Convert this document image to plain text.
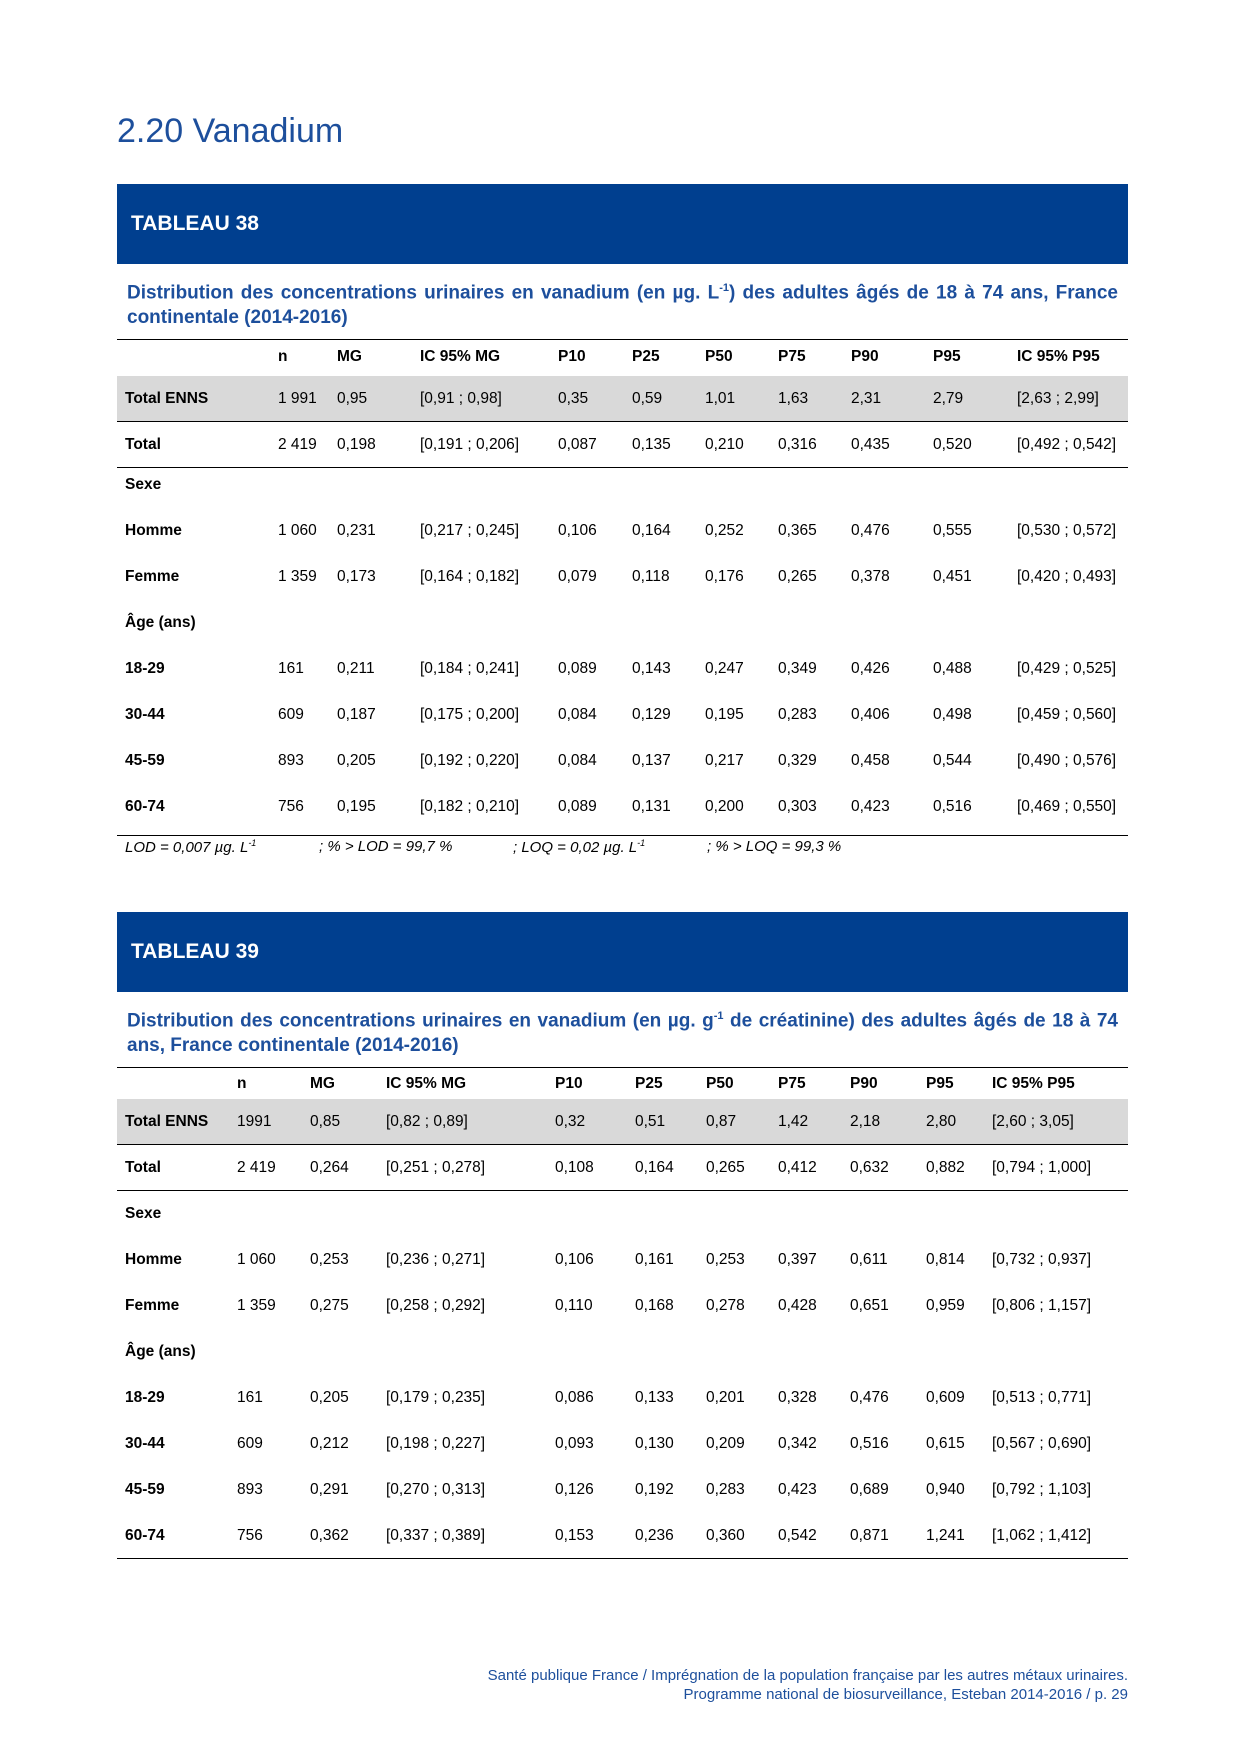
2.20 Vanadium
TABLEAU 38
Distribution des concentrations urinaires en vanadium (en µg. $L^{-1}$) des adultes âgés de 18 à 74 ans, France continentale (2014-2016)
	n	MG	IC 95% MG	P10	P25	P50	P75	P90	P95	IC 95% P95
Total ENNS	1 991	0,95	[0,91 ; 0,98]	0,35	0,59	1,01	1,63	2,31	2,79	[2,63 ; 2,99]
Total	2 419	0,198	[0,191 ; 0,206]	0,087	0,135	0,210	0,316	0,435	0,520	[0,492 ; 0,542]
Sexe										
Homme	1 060	0,231	[0,217 ; 0,245]	0,106	0,164	0,252	0,365	0,476	0,555	[0,530 ; 0,572]
Femme	1 359	0,173	[0,164 ; 0,182]	0,079	0,118	0,176	0,265	0,378	0,451	[0,420 ; 0,493]
Âge (ans)										
18-29	161	0,211	[0,184 ; 0,241]	0,089	0,143	0,247	0,349	0,426	0,488	[0,429 ; 0,525]
30-44	609	0,187	[0,175 ; 0,200]	0,084	0,129	0,195	0,283	0,406	0,498	[0,459 ; 0,560]
45-59	893	0,205	[0,192 ; 0,220]	0,084	0,137	0,217	0,329	0,458	0,544	[0,490 ; 0,576]
60-74	756	0,195	[0,182 ; 0,210]	0,089	0,131	0,200	0,303	0,423	0,516	[0,469 ; 0,550]
LOD = 0,007 µg. $L^{-1}$	; % > LOD = 99,7 %	; LOQ = 0,02 µg. $L^{-1}$	; % > LOQ = 99,3 %
TABLEAU 39
Distribution des concentrations urinaires en vanadium (en µg. $g^{-1}$ de créatinine) des adultes âgés de 18 à 74 ans, France continentale (2014-2016)
	n	MG	IC 95% MG	P10	P25	P50	P75	P90	P95	IC 95% P95
Total ENNS	1991	0,85	[0,82 ; 0,89]	0,32	0,51	0,87	1,42	2,18	2,80	[2,60 ; 3,05]
Total	2 419	0,264	[0,251 ; 0,278]	0,108	0,164	0,265	0,412	0,632	0,882	[0,794 ; 1,000]
Sexe										
Homme	1 060	0,253	[0,236 ; 0,271]	0,106	0,161	0,253	0,397	0,611	0,814	[0,732 ; 0,937]
Femme	1 359	0,275	[0,258 ; 0,292]	0,110	0,168	0,278	0,428	0,651	0,959	[0,806 ; 1,157]
Âge (ans)										
18-29	161	0,205	[0,179 ; 0,235]	0,086	0,133	0,201	0,328	0,476	0,609	[0,513 ; 0,771]
30-44	609	0,212	[0,198 ; 0,227]	0,093	0,130	0,209	0,342	0,516	0,615	[0,567 ; 0,690]
45-59	893	0,291	[0,270 ; 0,313]	0,126	0,192	0,283	0,423	0,689	0,940	[0,792 ; 1,103]
60-74	756	0,362	[0,337 ; 0,389]	0,153	0,236	0,360	0,542	0,871	1,241	[1,062 ; 1,412]
Santé publique France / Imprégnation de la population française par les autres métaux urinaires.
Programme national de biosurveillance, Esteban 2014-2016 / p. 29
